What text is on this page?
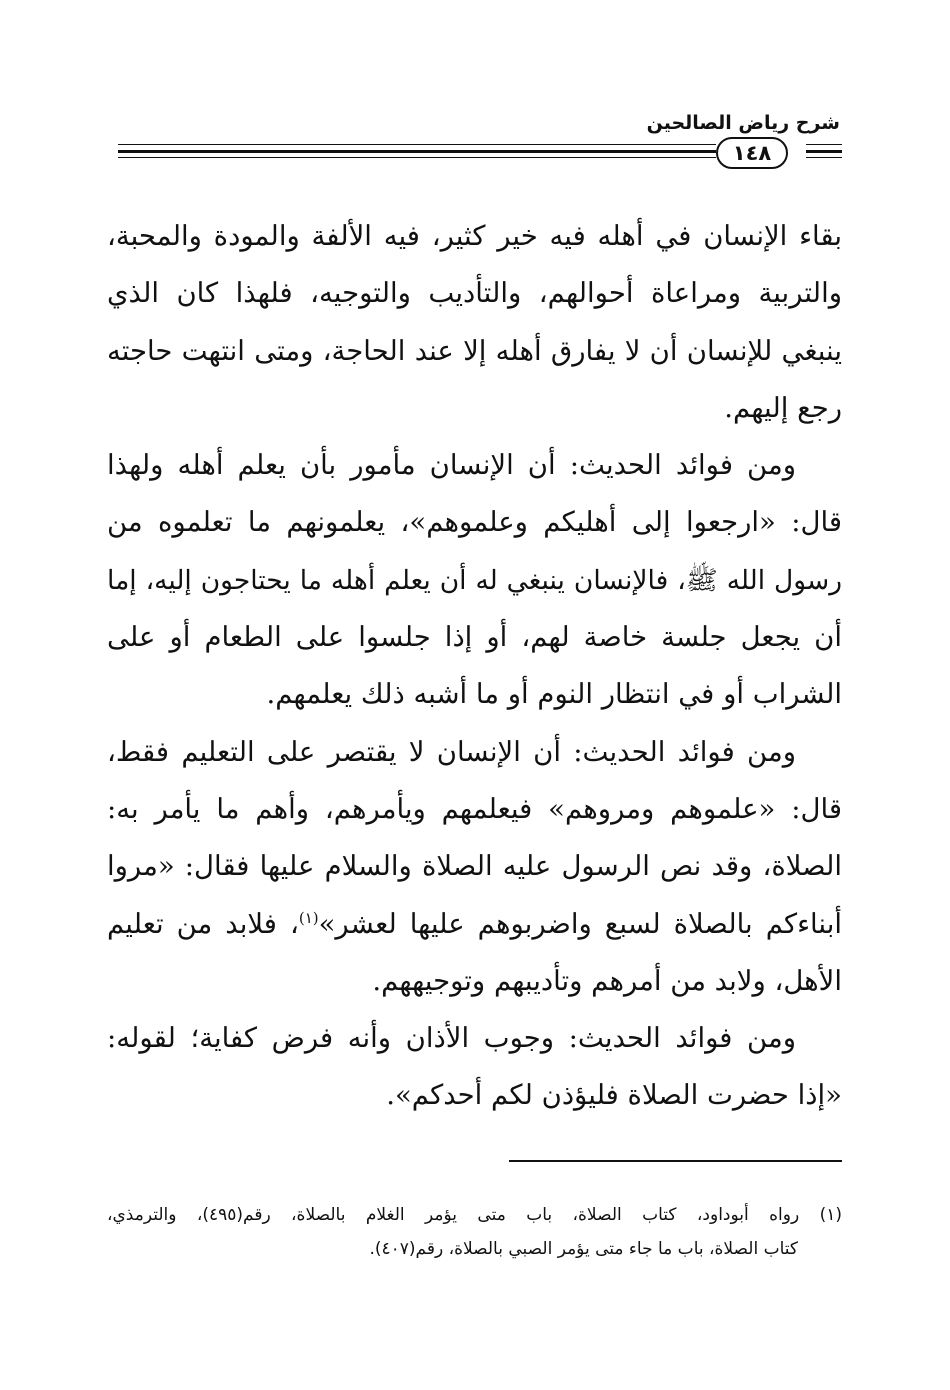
شرح رياض الصالحين
١٤٨

بقاء الإنسان في أهله فيه خير كثير، فيه الألفة والمودة والمحبة،
والتربية ومراعاة أحوالهم، والتأديب والتوجيه، فلهذا كان الذي
ينبغي للإنسان أن لا يفارق أهله إلا عند الحاجة، ومتى انتهت حاجته
رجع إليهم.

ومن فوائد الحديث: أن الإنسان مأمور بأن يعلم أهله ولهذا
قال: «ارجعوا إلى أهليكم وعلموهم»، يعلمونهم ما تعلموه من
رسول الله ﷺ، فالإنسان ينبغي له أن يعلم أهله ما يحتاجون إليه، إما
أن يجعل جلسة خاصة لهم، أو إذا جلسوا على الطعام أو على
الشراب أو في انتظار النوم أو ما أشبه ذلك يعلمهم.

ومن فوائد الحديث: أن الإنسان لا يقتصر على التعليم فقط،
قال: «علموهم ومروهم» فيعلمهم ويأمرهم، وأهم ما يأمر به:
الصلاة، وقد نص الرسول عليه الصلاة والسلام عليها فقال: «مروا
أبناءكم بالصلاة لسبع واضربوهم عليها لعشر»$^{(١)}$، فلابد من تعليم
الأهل، ولابد من أمرهم وتأديبهم وتوجيههم.

ومن فوائد الحديث: وجوب الأذان وأنه فرض كفاية؛ لقوله:
«إذا حضرت الصلاة فليؤذن لكم أحدكم».

(١) رواه أبوداود، كتاب الصلاة، باب متى يؤمر الغلام بالصلاة، رقم(٤٩٥)، والترمذي،
كتاب الصلاة، باب ما جاء متى يؤمر الصبي بالصلاة، رقم(٤٠٧).
